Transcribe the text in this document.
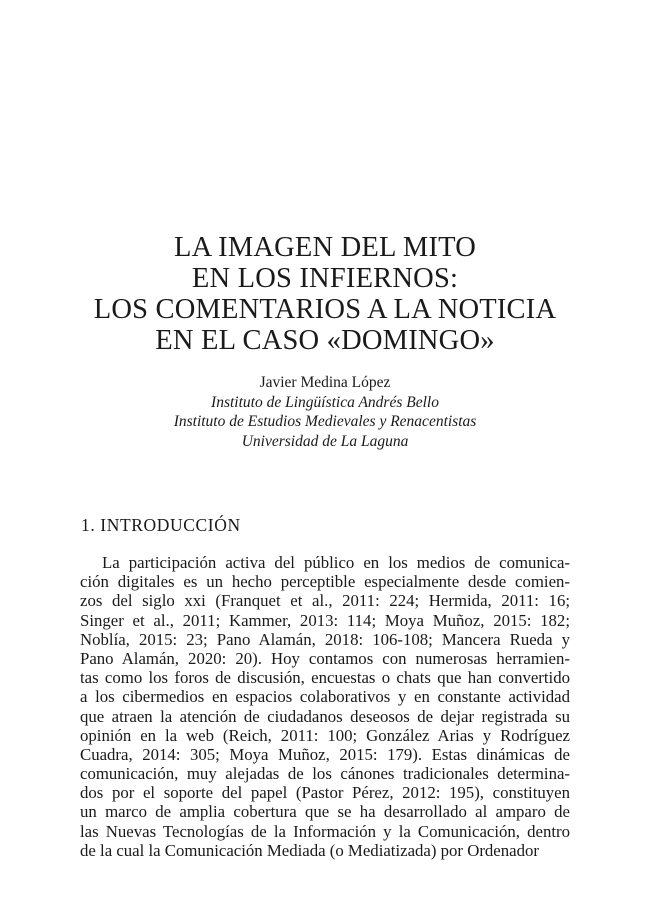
LA IMAGEN DEL MITO
EN LOS INFIERNOS:
LOS COMENTARIOS A LA NOTICIA
EN EL CASO «DOMINGO»
Javier Medina López
Instituto de Lingüística Andrés Bello
Instituto de Estudios Medievales y Renacentistas
Universidad de La Laguna
1. INTRODUCCIÓN
La participación activa del público en los medios de comunica-
ción digitales es un hecho perceptible especialmente desde comien-
zos del siglo xxi (Franquet et al., 2011: 224; Hermida, 2011: 16;
Singer et al., 2011; Kammer, 2013: 114; Moya Muñoz, 2015: 182;
Noblía, 2015: 23; Pano Alamán, 2018: 106-108; Mancera Rueda y
Pano Alamán, 2020: 20). Hoy contamos con numerosas herramien-
tas como los foros de discusión, encuestas o chats que han convertido
a los cibermedios en espacios colaborativos y en constante actividad
que atraen la atención de ciudadanos deseosos de dejar registrada su
opinión en la web (Reich, 2011: 100; González Arias y Rodríguez
Cuadra, 2014: 305; Moya Muñoz, 2015: 179). Estas dinámicas de
comunicación, muy alejadas de los cánones tradicionales determina-
dos por el soporte del papel (Pastor Pérez, 2012: 195), constituyen
un marco de amplia cobertura que se ha desarrollado al amparo de
las Nuevas Tecnologías de la Información y la Comunicación, dentro
de la cual la Comunicación Mediada (o Mediatizada) por Ordenador
